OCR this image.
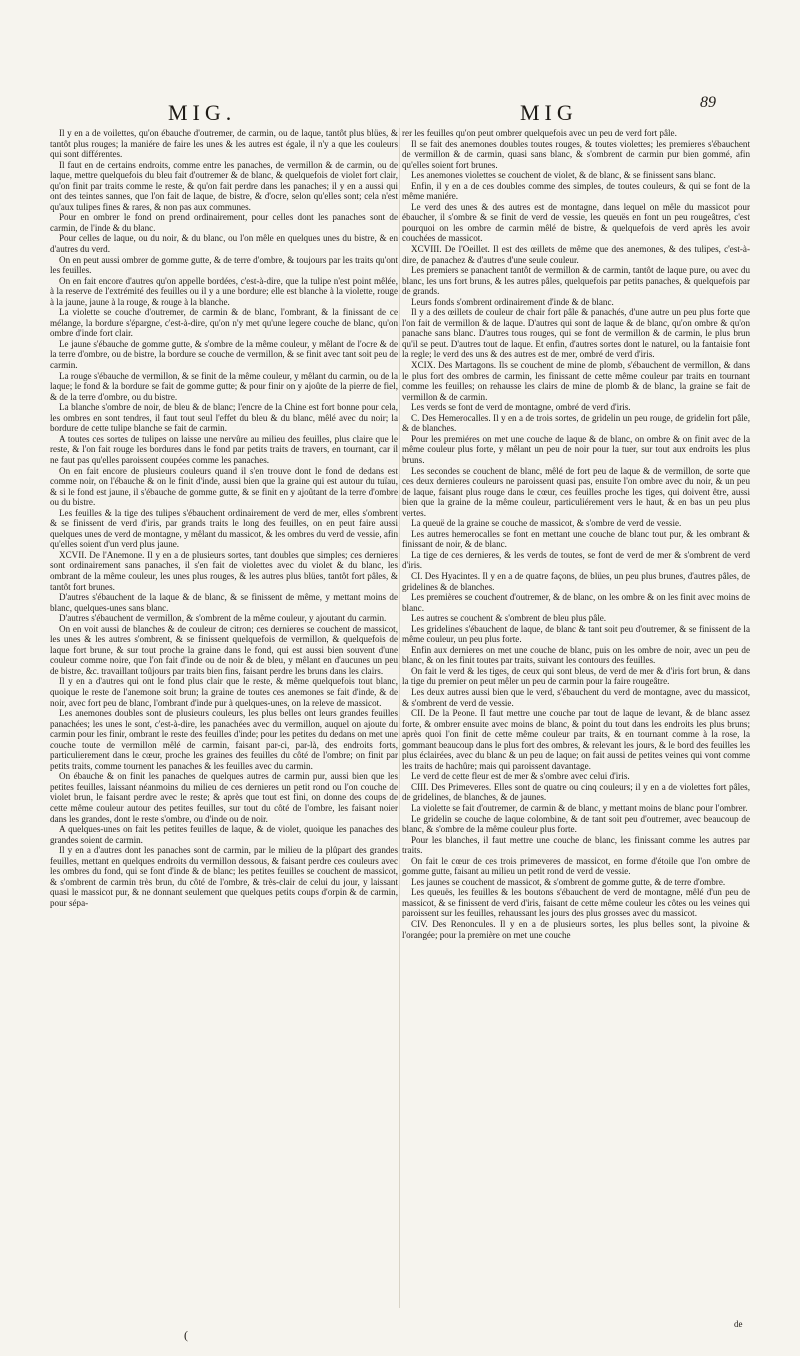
MIG.	MIG	89

Il y en a de voilettes, qu'on ébauche d'outremer, de carmin, ou de laque, tantôt plus blües, & tantôt plus rouges; la maniére de faire les unes & les autres est égale, il n'y a que les couleurs qui sont différentes.

Il faut en de certains endroits, comme entre les panaches, de vermillon & de carmin, ou de laque, mettre quelquefois du bleu fait d'outremer & de blanc, & quelquefois de violet fort clair, qu'on finit par traits comme le reste, & qu'on fait perdre dans les panaches; il y en a aussi qui ont des teintes sannes, que l'on fait de laque, de bistre, & d'ocre, selon qu'elles sont; cela n'est qu'aux tulipes fines & rares, & non pas aux communes.

Pour en ombrer le fond on prend ordinairement, pour celles dont les panaches sont de carmin, de l'inde & du blanc.

Pour celles de laque, ou du noir, & du blanc, ou l'on mêle en quelques unes du bistre, & en d'autres du verd.

On en peut aussi ombrer de gomme gutte, & de terre d'ombre, & toujours par les traits qu'ont les feuilles.

On en fait encore d'autres qu'on appelle bordées, c'est-à-dire, que la tulipe n'est point mêlée, à la reserve de l'extrémité des feuilles ou il y a une bordure; elle est blanche à la violette, rouge à la jaune, jaune à la rouge, & rouge à la blanche.

La violette se couche d'outremer, de carmin & de blanc, l'ombrant, & la finissant de ce mélange, la bordure s'épargne, c'est-à-dire, qu'on n'y met qu'une legere couche de blanc, qu'on ombre d'inde fort clair.

Le jaune s'ébauche de gomme gutte, & s'ombre de la même couleur, y mêlant de l'ocre & de la terre d'ombre, ou de bistre, la bordure se couche de vermillon, & se finit avec tant soit peu de carmin.

La rouge s'ébauche de vermillon, & se finit de la même couleur, y mêlant du carmin, ou de la laque; le fond & la bordure se fait de gomme gutte; & pour finir on y ajoûte de la pierre de fiel, & de la terre d'ombre, ou du bistre.

La blanche s'ombre de noir, de bleu & de blanc; l'encre de la Chine est fort bonne pour cela, les ombres en sont tendres, il faut tout seul l'effet du bleu & du blanc, mêlé avec du noir; la bordure de cette tulipe blanche se fait de carmin.

A toutes ces sortes de tulipes on laisse une nervûre au milieu des feuilles, plus claire que le reste, & l'on fait rouge les bordures dans le fond par petits traits de travers, en tournant, car il ne faut pas qu'elles paroissent coupées comme les panaches.

On en fait encore de plusieurs couleurs quand il s'en trouve dont le fond de dedans est comme noir, on l'ébauche & on le finit d'inde, aussi bien que la graine qui est autour du tuïau, & si le fond est jaune, il s'ébauche de gomme gutte, & se finit en y ajoûtant de la terre d'ombre ou du bistre.

Les feuilles & la tige des tulipes s'ébauchent ordinairement de verd de mer, elles s'ombrent & se finissent de verd d'iris, par grands traits le long des feuilles, on en peut faire aussi quelques unes de verd de montagne, y mêlant du massicot, & les ombres du verd de vessie, afin qu'elles soient d'un verd plus jaune.

XCVII. De l'Anemone. Il y en a de plusieurs sortes, tant doubles que simples; ces dernieres sont ordinairement sans panaches, il s'en fait de violettes avec du violet & du blanc, les ombrant de la même couleur, les unes plus rouges, & les autres plus blües, tantôt fort pâles, & tantôt fort brunes.

D'autres s'ébauchent de la laque & de blanc, & se finissent de même, y mettant moins de blanc, quelques-unes sans blanc.

D'autres s'ébauchent de vermillon, & s'ombrent de la même couleur, y ajoutant du carmin.

On en voit aussi de blanches & de couleur de citron; ces dernieres se couchent de massicot, les unes & les autres s'ombrent, & se finissent quelquefois de vermillon, & quelquefois de laque fort brune, & sur tout proche la graine dans le fond, qui est aussi bien souvent d'une couleur comme noire, que l'on fait d'inde ou de noir & de bleu, y mêlant en d'aucunes un peu de bistre, &c. travaillant toûjours par traits bien fins, faisant perdre les bruns dans les clairs.

Il y en a d'autres qui ont le fond plus clair que le reste, & même quelquefois tout blanc, quoique le reste de l'anemone soit brun; la graine de toutes ces anemones se fait d'inde, & de noir, avec fort peu de blanc, l'ombrant d'inde pur à quelques-unes, on la releve de massicot.

Les anemones doubles sont de plusieurs couleurs, les plus belles ont leurs grandes feuilles panachées; les unes le sont, c'est-à-dire, les panachées avec du vermillon, auquel on ajoute du carmin pour les finir, ombrant le reste des feuilles d'inde; pour les petites du dedans on met une couche toute de vermillon mêlé de carmin, faisant par-ci, par-là, des endroits forts, particulierement dans le cœur, proche les graines des feuilles du côté de l'ombre; on finit par petits traits, comme tournent les panaches & les feuilles avec du carmin.

On ébauche & on finit les panaches de quelques autres de carmin pur, aussi bien que les petites feuilles, laissant néanmoins du milieu de ces dernieres un petit rond ou l'on couche de violet brun, le faisant perdre avec le reste; & après que tout est fini, on donne des coups de cette même couleur autour des petites feuilles, sur tout du côté de l'ombre, les faisant noier dans les grandes, dont le reste s'ombre, ou d'inde ou de noir.

A quelques-unes on fait les petites feuilles de laque, & de violet, quoique les panaches des grandes soient de carmin.

Il y en a d'autres dont les panaches sont de carmin, par le milieu de la plûpart des grandes feuilles, mettant en quelques endroits du vermillon dessous, & faisant perdre ces couleurs avec les ombres du fond, qui se font d'inde & de blanc; les petites feuilles se couchent de massicot, & s'ombrent de carmin très brun, du côté de l'ombre, & très-clair de celui du jour, y laissant quasi le massicot pur, & ne donnant seulement que quelques petits coups d'orpin & de carmin, pour sépa-

rer les feuilles qu'on peut ombrer quelquefois avec un peu de verd fort pâle.

Il se fait des anemones doubles toutes rouges, & toutes violettes; les premieres s'ébauchent de vermillon & de carmin, quasi sans blanc, & s'ombrent de carmin pur bien gommé, afin qu'elles soient fort brunes.

Les anemones violettes se couchent de violet, & de blanc, & se finissent sans blanc.

Enfin, il y en a de ces doubles comme des simples, de toutes couleurs, & qui se font de la même maniére.

Le verd des unes & des autres est de montagne, dans lequel on mêle du massicot pour ébaucher, il s'ombre & se finit de verd de vessie, les queuës en font un peu rougeâtres, c'est pourquoi on les ombre de carmin mêlé de bistre, & quelquefois de verd après les avoir couchées de massicot.

XCVIII. De l'Oeillet. Il est des œillets de même que des anemones, & des tulipes, c'est-à-dire, de panachez & d'autres d'une seule couleur.

Les premiers se panachent tantôt de vermillon & de carmin, tantôt de laque pure, ou avec du blanc, les uns fort bruns, & les autres pâles, quelquefois par petits panaches, & quelquefois par de grands.

Leurs fonds s'ombrent ordinairement d'inde & de blanc.

Il y a des œillets de couleur de chair fort pâle & panachés, d'une autre un peu plus forte que l'on fait de vermillon & de laque. D'autres qui sont de laque & de blanc, qu'on ombre & qu'on panache sans blanc. D'autres tous rouges, qui se font de vermillon & de carmin, le plus brun qu'il se peut. D'autres tout de laque. Et enfin, d'autres sortes dont le naturel, ou la fantaisie font la regle; le verd des uns & des autres est de mer, ombré de verd d'iris.

XCIX. Des Martagons. Ils se couchent de mine de plomb, s'ébauchent de vermillon, & dans le plus fort des ombres de carmin, les finissant de cette même couleur par traits en tournant comme les feuilles; on rehausse les clairs de mine de plomb & de blanc, la graine se fait de vermillon & de carmin.

Les verds se font de verd de montagne, ombré de verd d'iris.

C. Des Hemerocalles. Il y en a de trois sortes, de gridelin un peu rouge, de gridelin fort pâle, & de blanches.

Pour les premiéres on met une couche de laque & de blanc, on ombre & on finit avec de la même couleur plus forte, y mêlant un peu de noir pour la tuer, sur tout aux endroits les plus bruns.

Les secondes se couchent de blanc, mêlé de fort peu de laque & de vermillon, de sorte que ces deux dernieres couleurs ne paroissent quasi pas, ensuite l'on ombre avec du noir, & un peu de laque, faisant plus rouge dans le cœur, ces feuilles proche les tiges, qui doivent être, aussi bien que la graine de la même couleur, particuliérement vers le haut, & en bas un peu plus vertes.

La queuë de la graine se couche de massicot, & s'ombre de verd de vessie.

Les autres hemerocalles se font en mettant une couche de blanc tout pur, & les ombrant & finissant de noir, & de blanc.

La tige de ces dernieres, & les verds de toutes, se font de verd de mer & s'ombrent de verd d'iris.

CI. Des Hyacintes. Il y en a de quatre façons, de blües, un peu plus brunes, d'autres pâles, de gridelines & de blanches.

Les premières se couchent d'outremer, & de blanc, on les ombre & on les finit avec moins de blanc.

Les autres se couchent & s'ombrent de bleu plus pâle.

Les gridelines s'ébauchent de laque, de blanc & tant soit peu d'outremer, & se finissent de la même couleur, un peu plus forte.

Enfin aux dernieres on met une couche de blanc, puis on les ombre de noir, avec un peu de blanc, & on les finit toutes par traits, suivant les contours des feuilles.

On fait le verd & les tiges, de ceux qui sont bleus, de verd de mer & d'iris fort brun, & dans la tige du premier on peut mêler un peu de carmin pour la faire rougeâtre.

Les deux autres aussi bien que le verd, s'ébauchent du verd de montagne, avec du massicot, & s'ombrent de verd de vessie.

CII. De la Peone. Il faut mettre une couche par tout de laque de levant, & de blanc assez forte, & ombrer ensuite avec moins de blanc, & point du tout dans les endroits les plus bruns; après quoi l'on finit de cette même couleur par traits, & en tournant comme à la rose, la gommant beaucoup dans le plus fort des ombres, & relevant les jours, & le bord des feuilles les plus éclairées, avec du blanc & un peu de laque; on fait aussi de petites veines qui vont comme les traits de hachûre; mais qui paroissent davantage.

Le verd de cette fleur est de mer & s'ombre avec celui d'iris.

CIII. Des Primeveres. Elles sont de quatre ou cinq couleurs; il y en a de violettes fort pâles, de gridelines, de blanches, & de jaunes.

La violette se fait d'outremer, de carmin & de blanc, y mettant moins de blanc pour l'ombrer.

Le gridelin se couche de laque colombine, & de tant soit peu d'outremer, avec beaucoup de blanc, & s'ombre de la même couleur plus forte.

Pour les blanches, il faut mettre une couche de blanc, les finissant comme les autres par traits.

On fait le cœur de ces trois primeveres de massicot, en forme d'étoile que l'on ombre de gomme gutte, faisant au milieu un petit rond de verd de vessie.

Les jaunes se couchent de massicot, & s'ombrent de gomme gutte, & de terre d'ombre.

Les queuës, les feuilles & les boutons s'ébauchent de verd de montagne, mêlé d'un peu de massicot, & se finissent de verd d'iris, faisant de cette même couleur les côtes ou les veines qui paroissent sur les feuilles, rehaussant les jours des plus grosses avec du massicot.

CIV. Des Renoncules. Il y en a de plusieurs sortes, les plus belles sont, la pivoine & l'orangée; pour la première on met une couche

(
de
